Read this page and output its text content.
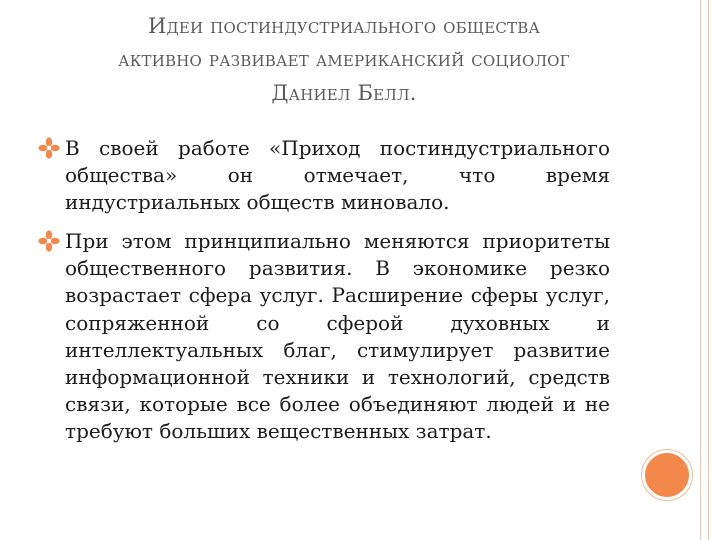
Идеи постиндустриального общества
активно развивает американский социолог
Даниел Белл.

В своей работе «Приход постиндустриального общества» он отмечает, что время индустриальных обществ миновало.

При этом принципиально меняются приоритеты общественного развития. В экономике резко возрастает сфера услуг. Расширение сферы услуг, сопряженной со сферой духовных и интеллектуальных благ, стимулирует развитие информационной техники и технологий, средств связи, которые все более объединяют людей и не требуют больших вещественных затрат.
